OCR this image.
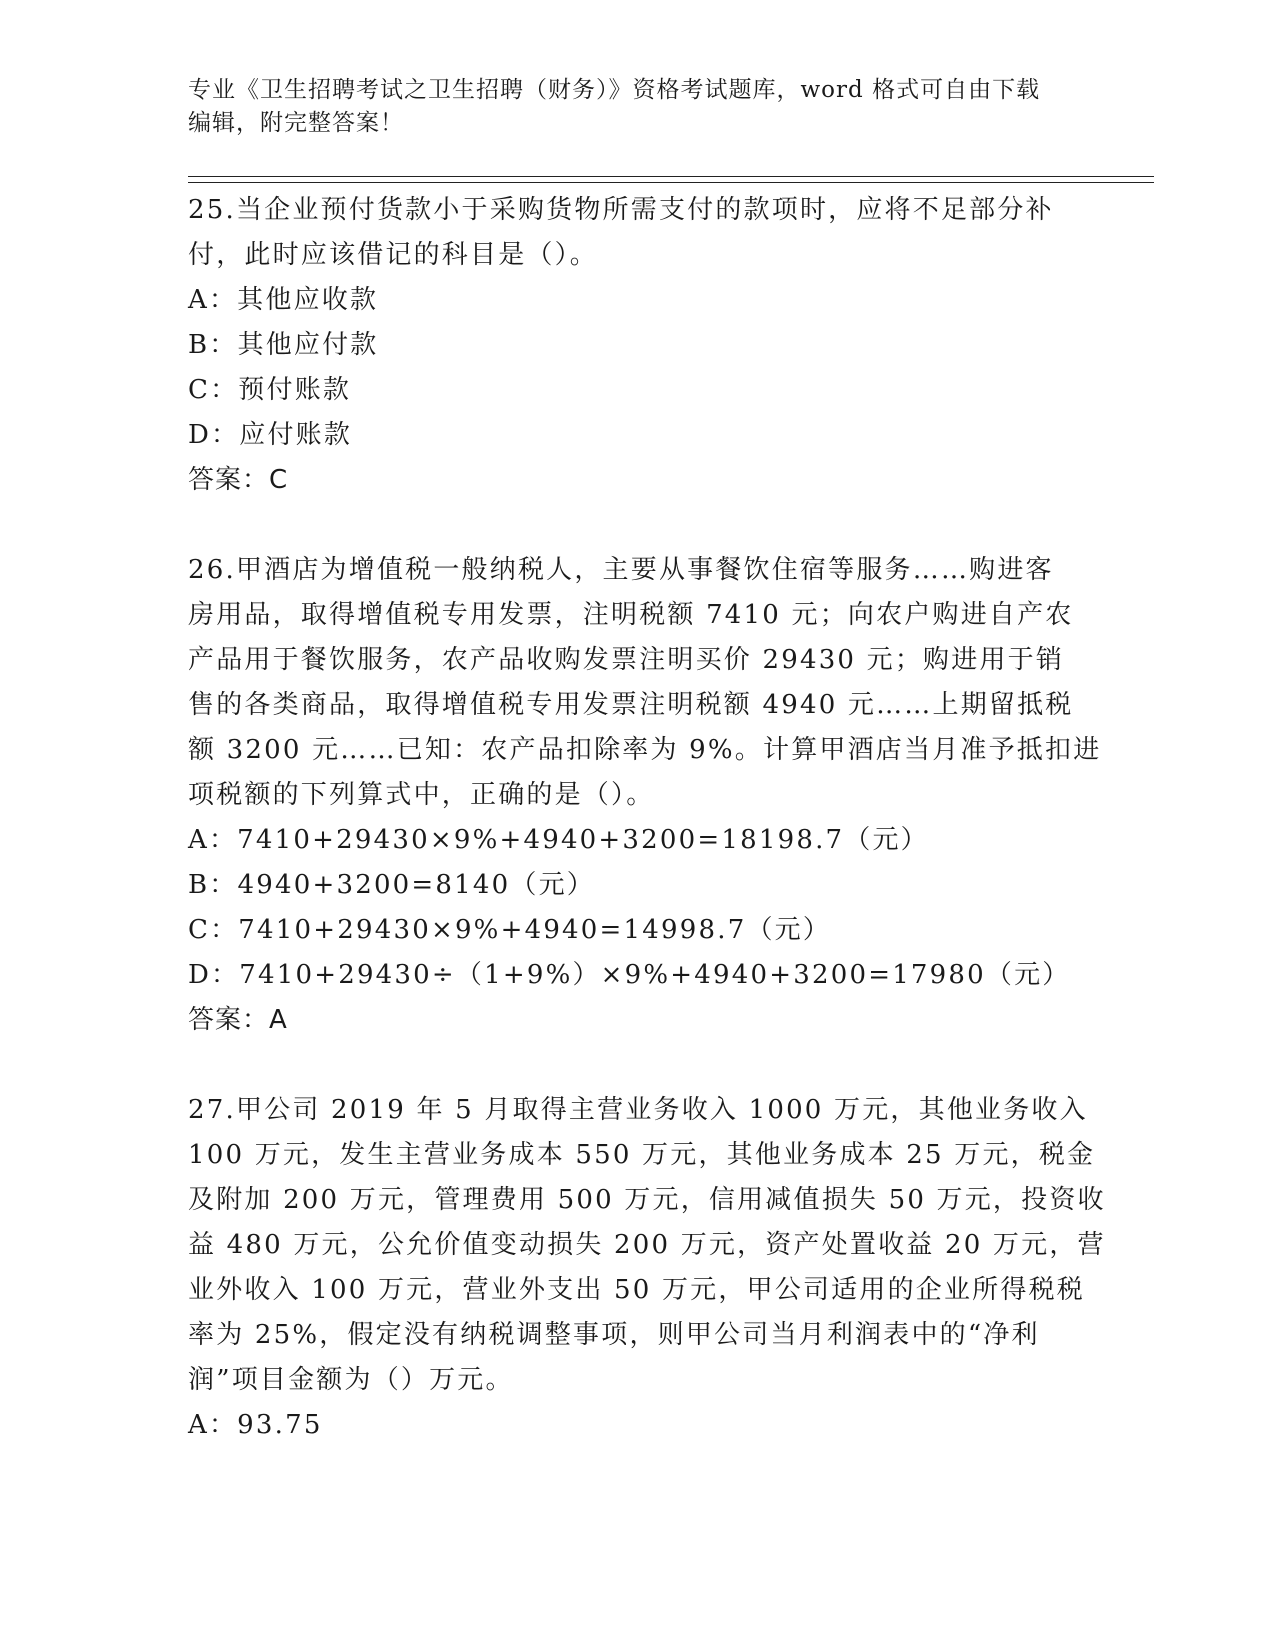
专业《卫生招聘考试之卫生招聘（财务）》资格考试题库，word 格式可自由下载
编辑，附完整答案！
25.当企业预付货款小于采购货物所需支付的款项时，应将不足部分补
付，此时应该借记的科目是（）。
A：其他应收款
B：其他应付款
C：预付账款
D：应付账款
答案：C
26.甲酒店为增值税一般纳税人，主要从事餐饮住宿等服务……购进客
房用品，取得增值税专用发票，注明税额 7410 元；向农户购进自产农
产品用于餐饮服务，农产品收购发票注明买价 29430 元；购进用于销
售的各类商品，取得增值税专用发票注明税额 4940 元……上期留抵税
额 3200 元……已知：农产品扣除率为 9%。计算甲酒店当月准予抵扣进
项税额的下列算式中，正确的是（）。
A：7410+29430×9%+4940+3200=18198.7（元）
B：4940+3200=8140（元）
C：7410+29430×9%+4940=14998.7（元）
D：7410+29430÷（1+9%）×9%+4940+3200=17980（元）
答案：A
27.甲公司 2019 年 5 月取得主营业务收入 1000 万元，其他业务收入
100 万元，发生主营业务成本 550 万元，其他业务成本 25 万元，税金
及附加 200 万元，管理费用 500 万元，信用减值损失 50 万元，投资收
益 480 万元，公允价值变动损失 200 万元，资产处置收益 20 万元，营
业外收入 100 万元，营业外支出 50 万元，甲公司适用的企业所得税税
率为 25%，假定没有纳税调整事项，则甲公司当月利润表中的“净利
润”项目金额为（）万元。
A：93.75
